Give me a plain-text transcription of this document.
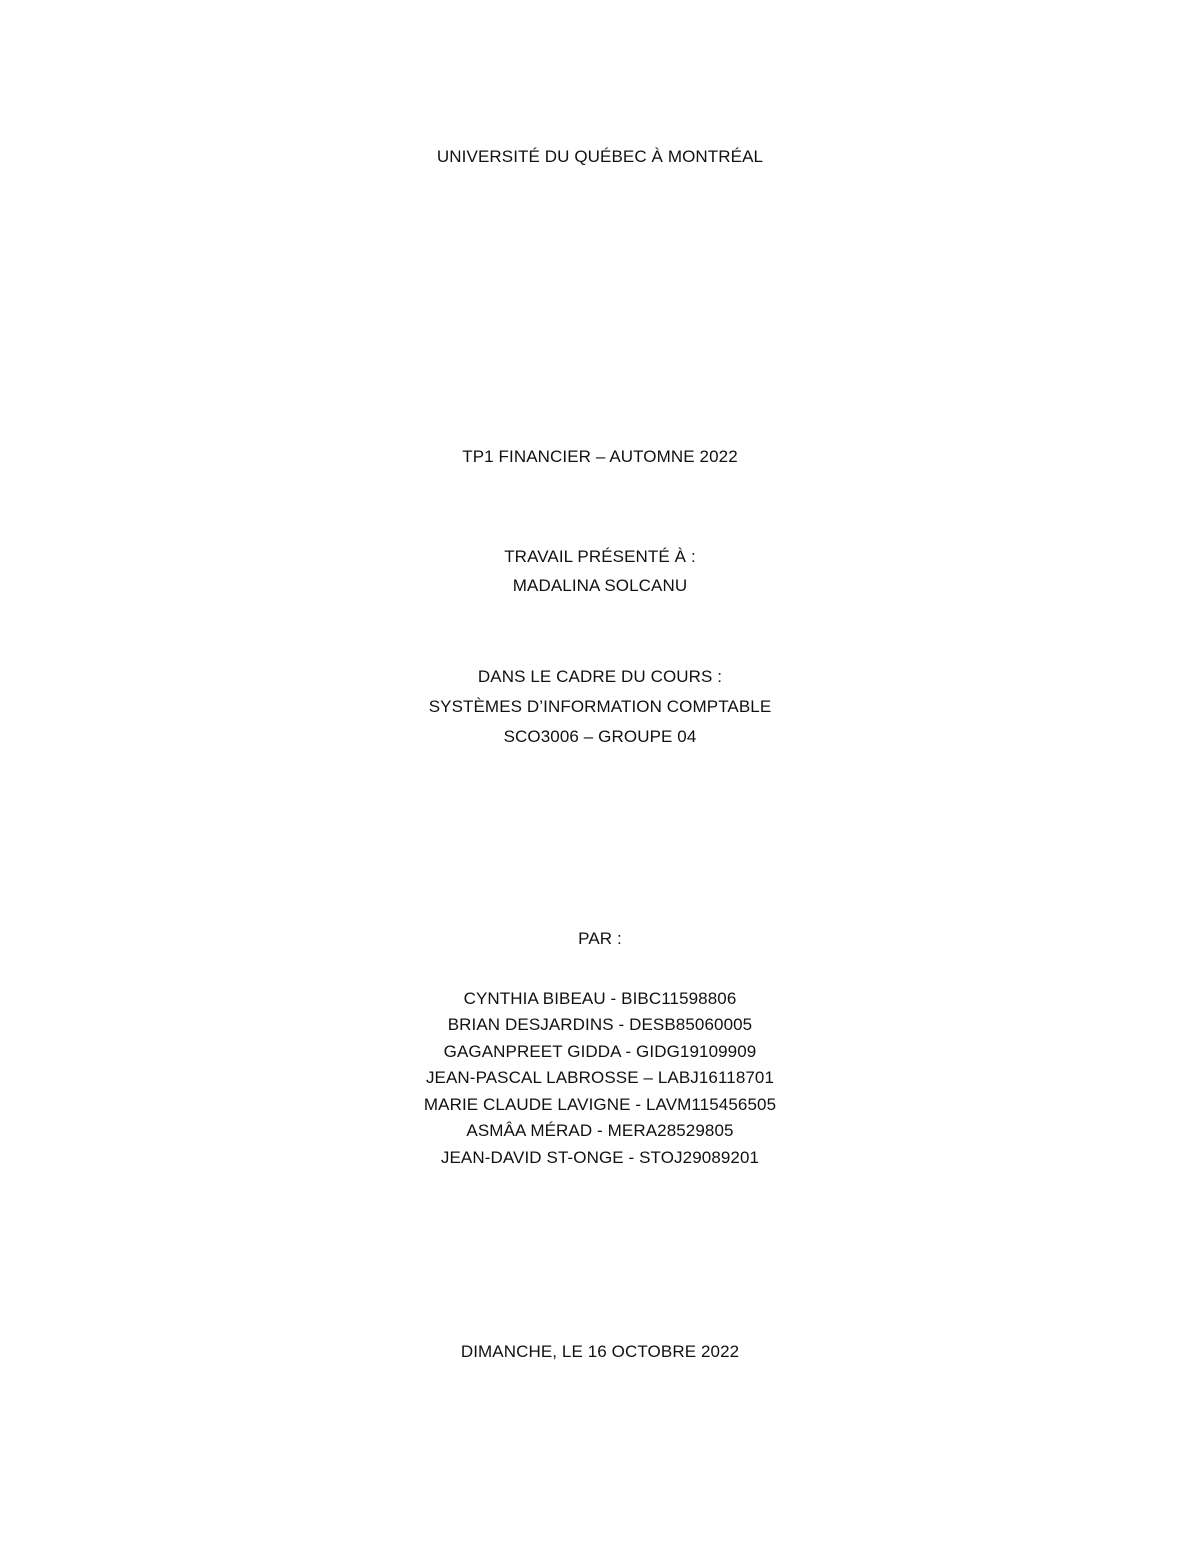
UNIVERSITÉ DU QUÉBEC À MONTRÉAL
TP1 FINANCIER – AUTOMNE 2022
TRAVAIL PRÉSENTÉ À :
MADALINA SOLCANU
DANS LE CADRE DU COURS :
SYSTÈMES D’INFORMATION COMPTABLE
SCO3006 – GROUPE 04
PAR :
CYNTHIA BIBEAU - BIBC11598806
BRIAN DESJARDINS - DESB85060005
GAGANPREET GIDDA - GIDG19109909
JEAN-PASCAL LABROSSE – LABJ16118701
MARIE CLAUDE LAVIGNE - LAVM115456505
ASMÂA MÉRAD - MERA28529805
JEAN-DAVID ST-ONGE - STOJ29089201
DIMANCHE, LE 16 OCTOBRE 2022
